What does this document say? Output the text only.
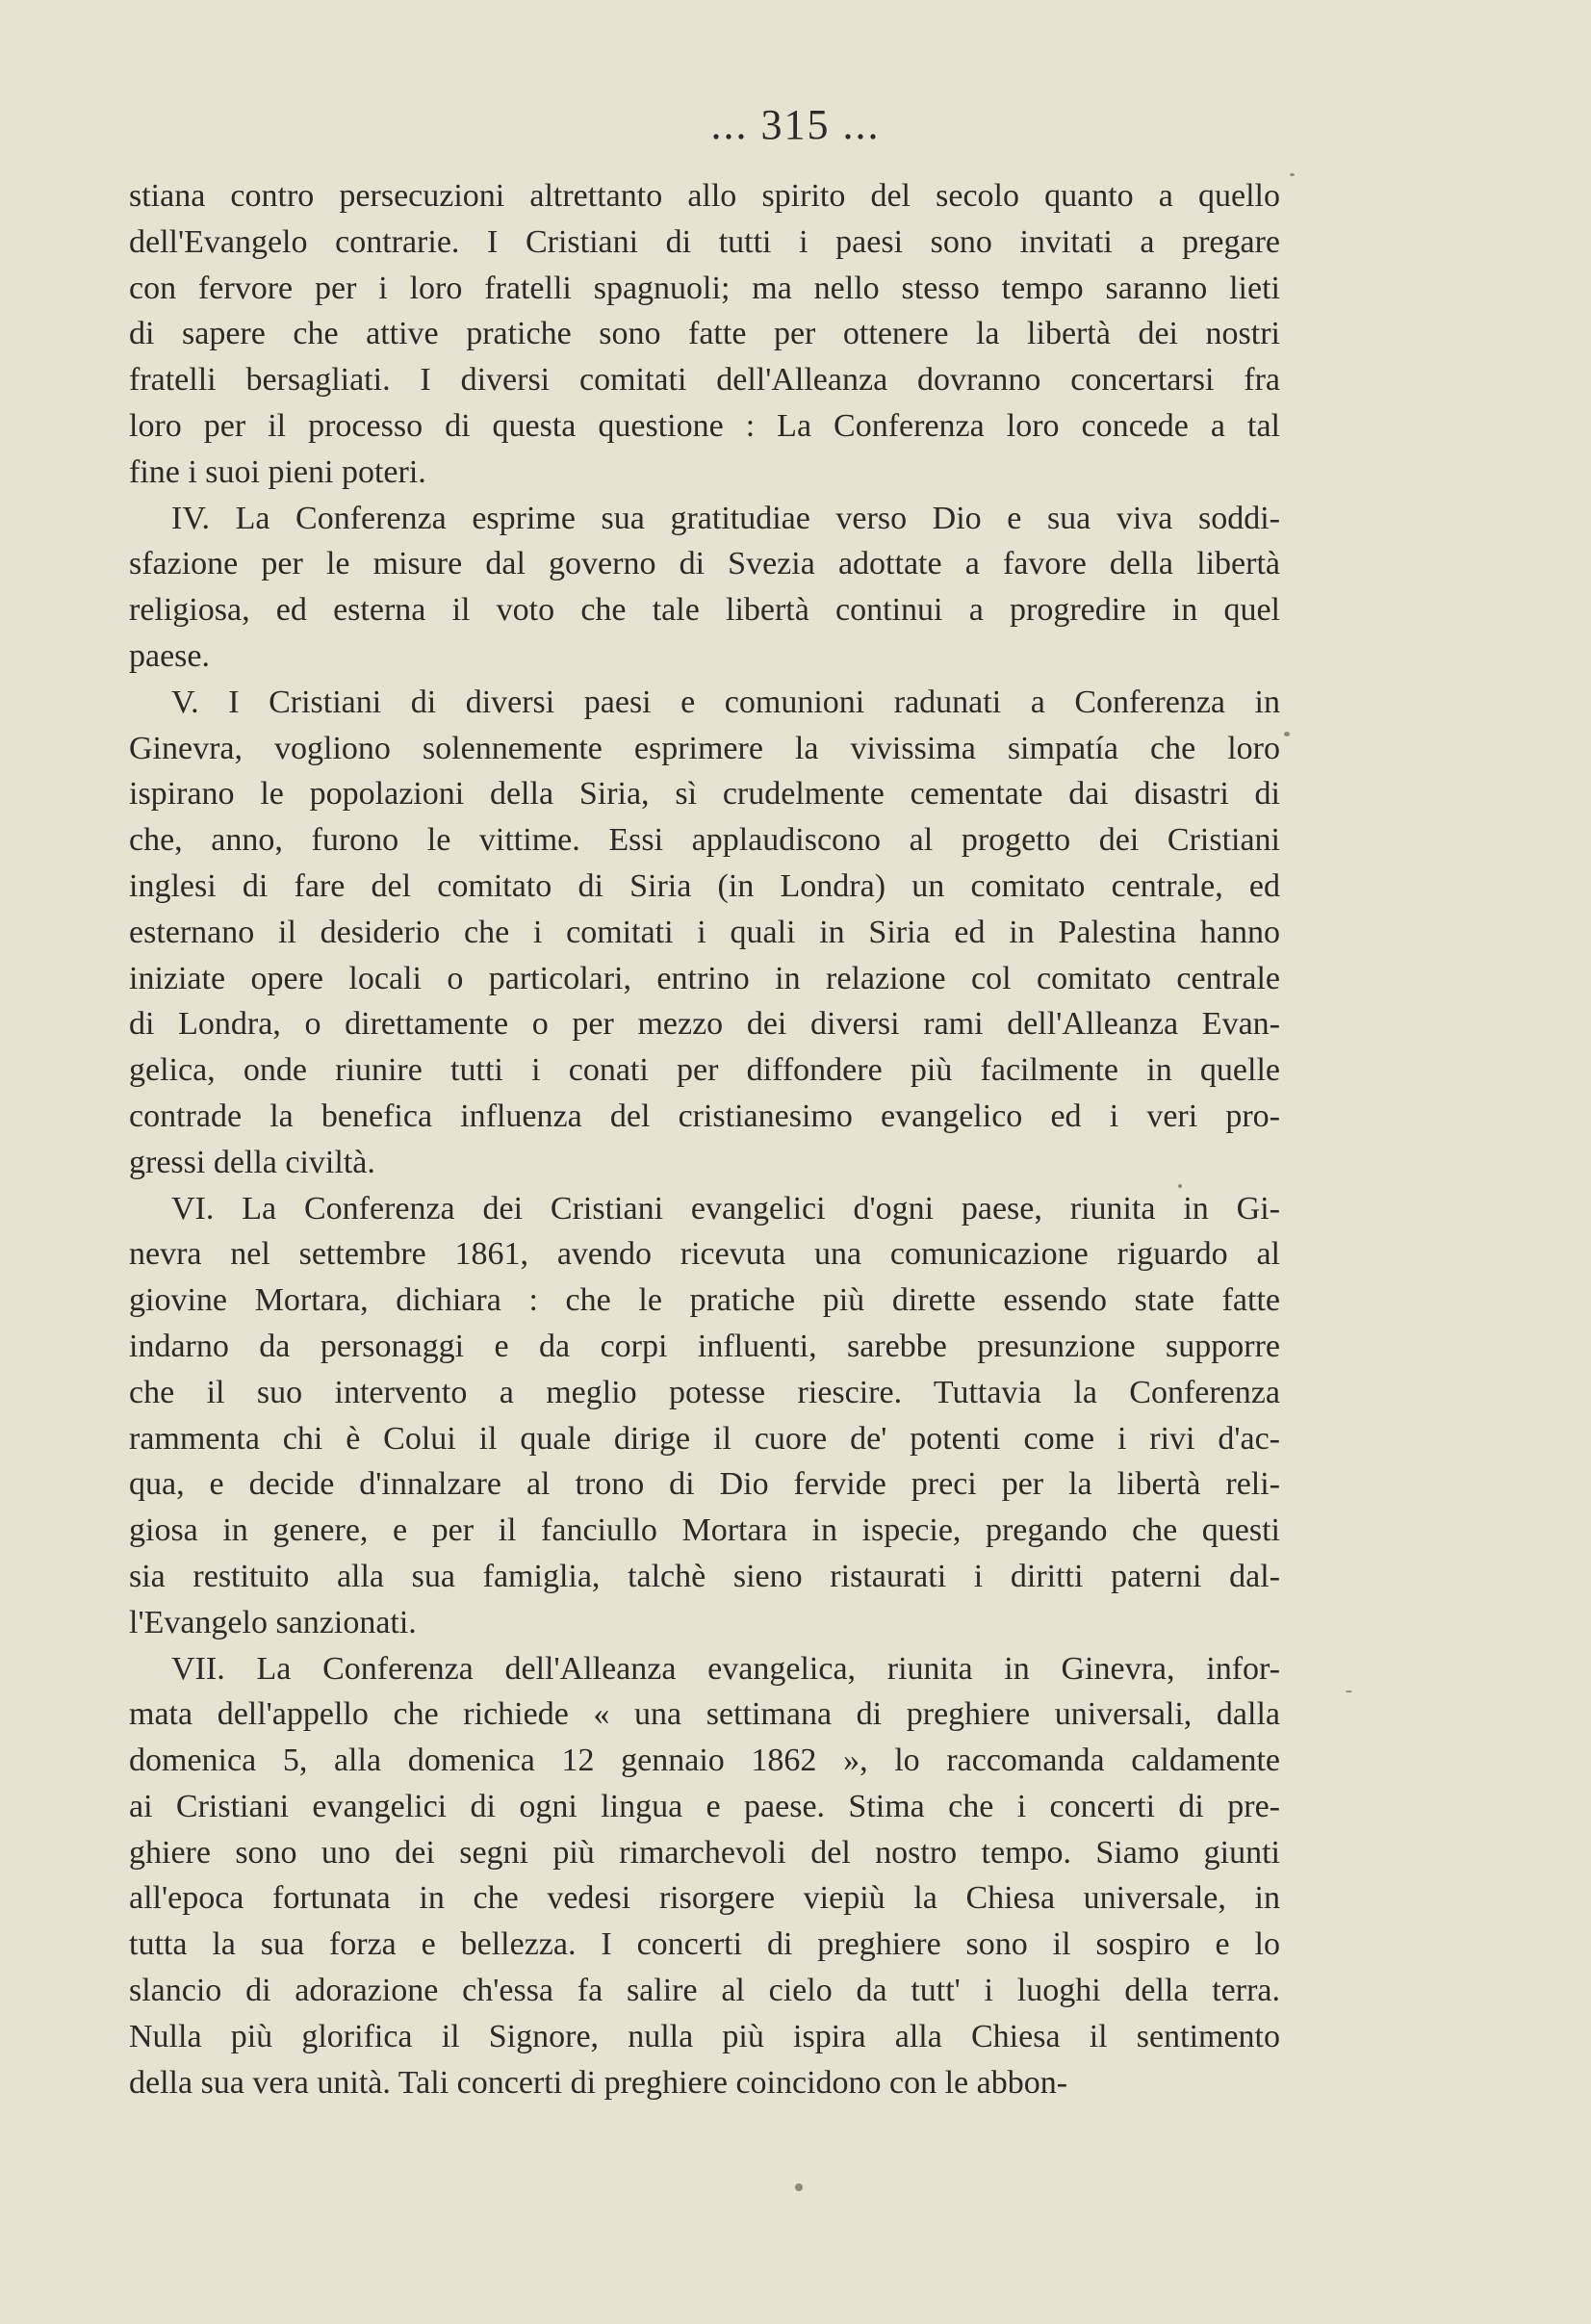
... 315 ...
stiana contro persecuzioni altrettanto allo spirito del secolo quanto a quello
dell'Evangelo contrarie. I Cristiani di tutti i paesi sono invitati a pregare
con fervore per i loro fratelli spagnuoli; ma nello stesso tempo saranno lieti
di sapere che attive pratiche sono fatte per ottenere la libertà dei nostri
fratelli bersagliati. I diversi comitati dell'Alleanza dovranno concertarsi fra
loro per il processo di questa questione : La Conferenza loro concede a tal
fine i suoi pieni poteri.
IV. La Conferenza esprime sua gratitudiae verso Dio e sua viva soddi-
sfazione per le misure dal governo di Svezia adottate a favore della libertà
religiosa, ed esterna il voto che tale libertà continui a progredire in quel
paese.
V. I Cristiani di diversi paesi e comunioni radunati a Conferenza in
Ginevra, vogliono solennemente esprimere la vivissima simpatía che loro
ispirano le popolazioni della Siria, sì crudelmente cementate dai disastri di
che, anno, furono le vittime. Essi applaudiscono al progetto dei Cristiani
inglesi di fare del comitato di Siria (in Londra) un comitato centrale, ed
esternano il desiderio che i comitati i quali in Siria ed in Palestina hanno
iniziate opere locali o particolari, entrino in relazione col comitato centrale
di Londra, o direttamente o per mezzo dei diversi rami dell'Alleanza Evan-
gelica, onde riunire tutti i conati per diffondere più facilmente in quelle
contrade la benefica influenza del cristianesimo evangelico ed i veri pro-
gressi della civiltà.
VI. La Conferenza dei Cristiani evangelici d'ogni paese, riunita in Gi-
nevra nel settembre 1861, avendo ricevuta una comunicazione riguardo al
giovine Mortara, dichiara : che le pratiche più dirette essendo state fatte
indarno da personaggi e da corpi influenti, sarebbe presunzione supporre
che il suo intervento a meglio potesse riescire. Tuttavia la Conferenza
rammenta chi è Colui il quale dirige il cuore de' potenti come i rivi d'ac-
qua, e decide d'innalzare al trono di Dio fervide preci per la libertà reli-
giosa in genere, e per il fanciullo Mortara in ispecie, pregando che questi
sia restituito alla sua famiglia, talchè sieno ristaurati i diritti paterni dal-
l'Evangelo sanzionati.
VII. La Conferenza dell'Alleanza evangelica, riunita in Ginevra, infor-
mata dell'appello che richiede « una settimana di preghiere universali, dalla
domenica 5, alla domenica 12 gennaio 1862 », lo raccomanda caldamente
ai Cristiani evangelici di ogni lingua e paese. Stima che i concerti di pre-
ghiere sono uno dei segni più rimarchevoli del nostro tempo. Siamo giunti
all'epoca fortunata in che vedesi risorgere viepiù la Chiesa universale, in
tutta la sua forza e bellezza. I concerti di preghiere sono il sospiro e lo
slancio di adorazione ch'essa fa salire al cielo da tutt' i luoghi della terra.
Nulla più glorifica il Signore, nulla più ispira alla Chiesa il sentimento
della sua vera unità. Tali concerti di preghiere coincidono con le abbon-
